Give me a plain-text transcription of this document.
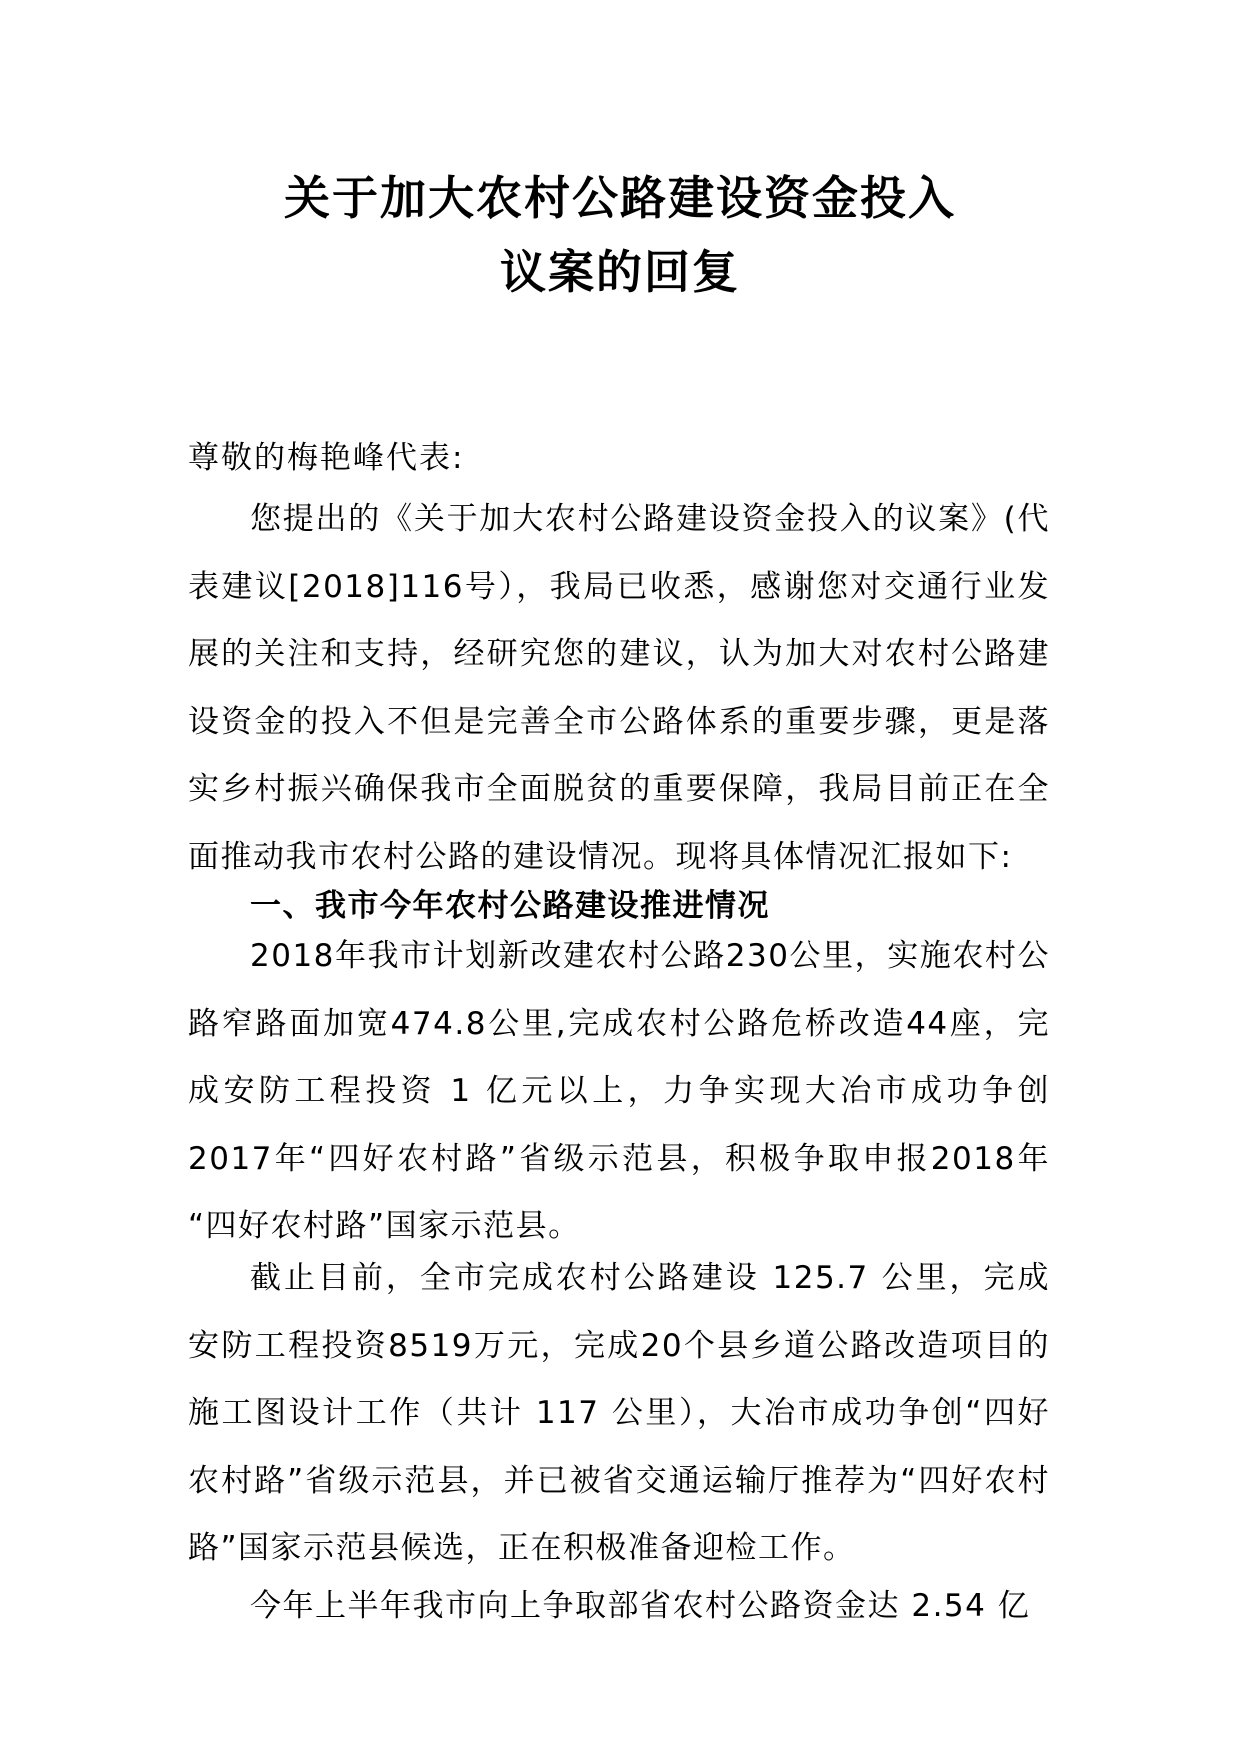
关于加大农村公路建设资金投入
议案的回复
尊敬的梅艳峰代表:

您提出的《关于加大农村公路建设资金投入的议案》(代表建议[2018]116号），我局已收悉，感谢您对交通行业发展的关注和支持，经研究您的建议，认为加大对农村公路建设资金的投入不但是完善全市公路体系的重要步骤，更是落实乡村振兴确保我市全面脱贫的重要保障，我局目前正在全面推动我市农村公路的建设情况。现将具体情况汇报如下:

一、我市今年农村公路建设推进情况

2018年我市计划新改建农村公路230公里，实施农村公路窄路面加宽474.8公里,完成农村公路危桥改造44座，完成安防工程投资 1 亿元以上，力争实现大冶市成功争创2017年“四好农村路”省级示范县，积极争取申报2018年 “四好农村路”国家示范县。

截止目前，全市完成农村公路建设 125.7 公里，完成安防工程投资8519万元，完成20个县乡道公路改造项目的施工图设计工作（共计 117 公里），大冶市成功争创“四好农村路”省级示范县，并已被省交通运输厅推荐为“四好农村路”国家示范县候选，正在积极准备迎检工作。

今年上半年我市向上争取部省农村公路资金达 2.54 亿
